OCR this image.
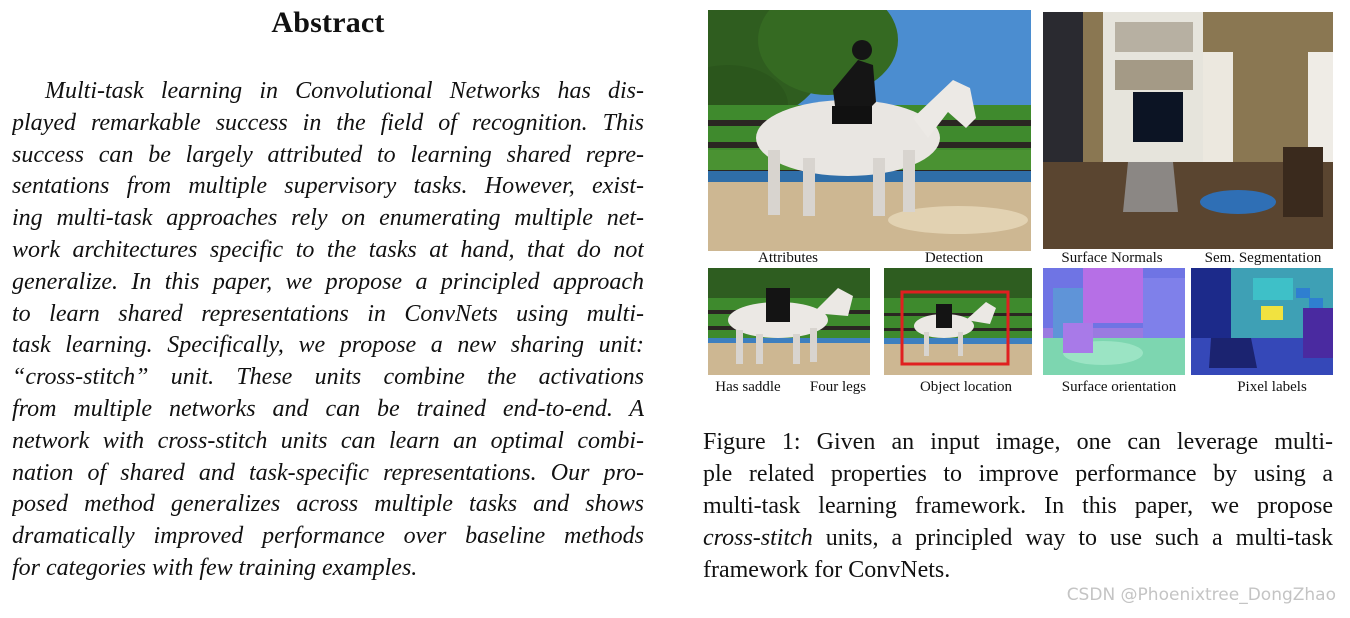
Abstract
Multi-task learning in Convolutional Networks has dis-
played remarkable success in the field of recognition. This
success can be largely attributed to learning shared repre-
sentations from multiple supervisory tasks. However, exist-
ing multi-task approaches rely on enumerating multiple net-
work architectures specific to the tasks at hand, that do not
generalize. In this paper, we propose a principled approach
to learn shared representations in ConvNets using multi-
task learning. Specifically, we propose a new sharing unit:
“cross-stitch” unit. These units combine the activations
from multiple networks and can be trained end-to-end. A
network with cross-stitch units can learn an optimal combi-
nation of shared and task-specific representations. Our pro-
posed method generalizes across multiple tasks and shows
dramatically improved performance over baseline methods
for categories with few training examples.
Attributes	Detection	Surface Normals	Sem. Segmentation
Has saddle Four legs	Object location	Surface orientation	Pixel labels
Figure 1: Given an input image, one can leverage multi-
ple related properties to improve performance by using a
multi-task learning framework. In this paper, we propose
cross-stitch units, a principled way to use such a multi-task
framework for ConvNets.
CSDN @Phoenixtree_DongZhao
